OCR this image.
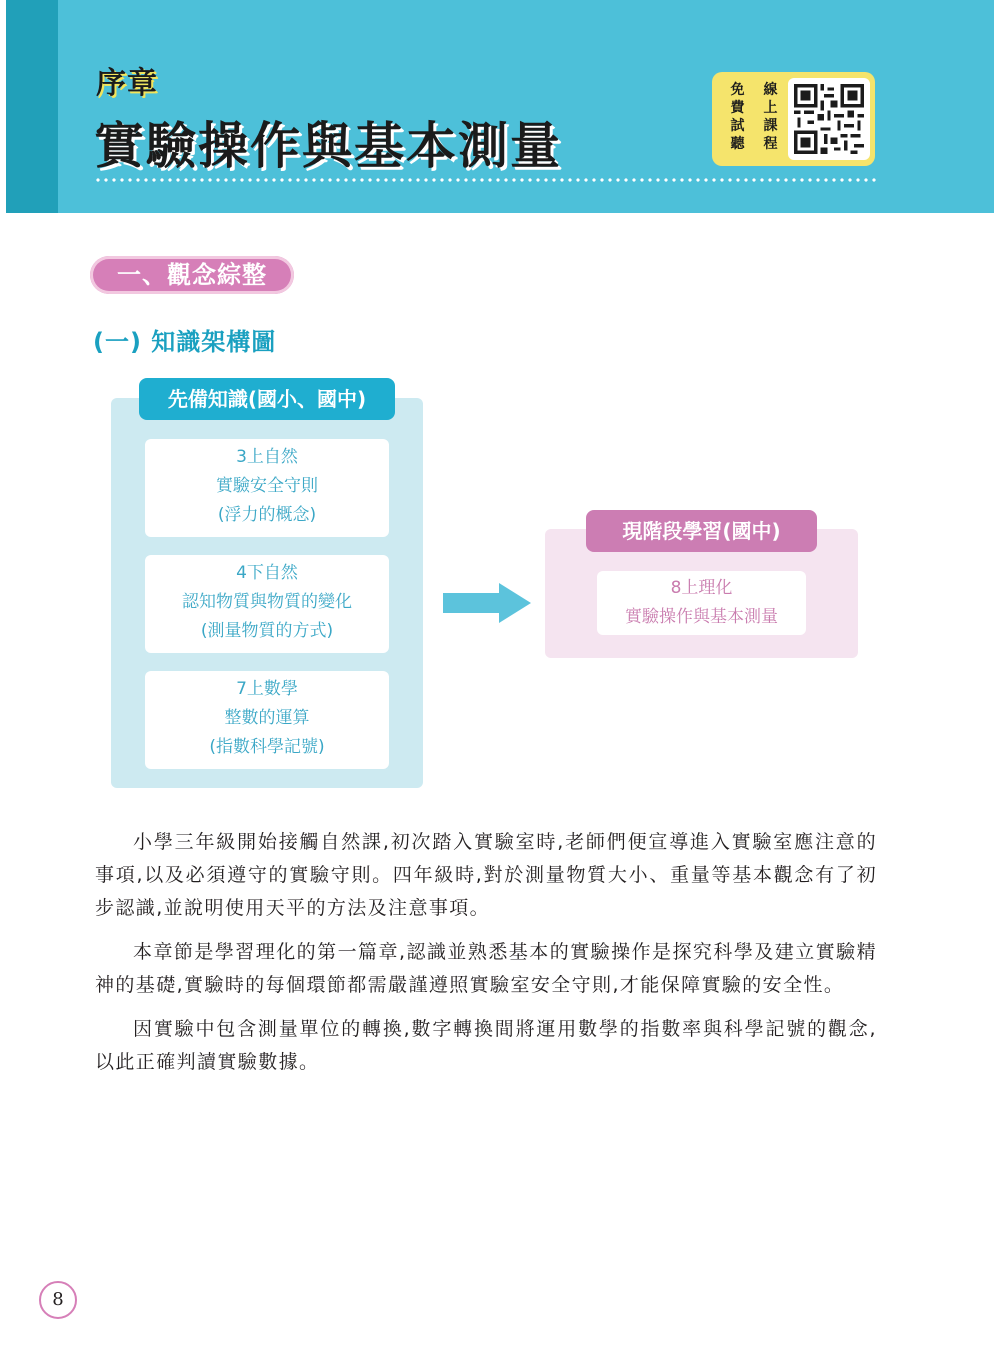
序章
實驗操作與基本測量
免	線
費	上
試	課
聽	程
一、觀念綜整
(一) 知識架構圖
先備知識(國小、國中)
3上自然
實驗安全守則
(浮力的概念)
4下自然
認知物質與物質的變化
(測量物質的方式)
7上數學
整數的運算
(指數科學記號)
現階段學習(國中)
8上理化
實驗操作與基本測量

小學三年級開始接觸自然課,初次踏入實驗室時,老師們便宣導進入實驗室應注意的事項,以及必須遵守的實驗守則。四年級時,對於測量物質大小、重量等基本觀念有了初步認識,並說明使用天平的方法及注意事項。

本章節是學習理化的第一篇章,認識並熟悉基本的實驗操作是探究科學及建立實驗精神的基礎,實驗時的每個環節都需嚴謹遵照實驗室安全守則,才能保障實驗的安全性。

因實驗中包含測量單位的轉換,數字轉換間將運用數學的指數率與科學記號的觀念,以此正確判讀實驗數據。

8
